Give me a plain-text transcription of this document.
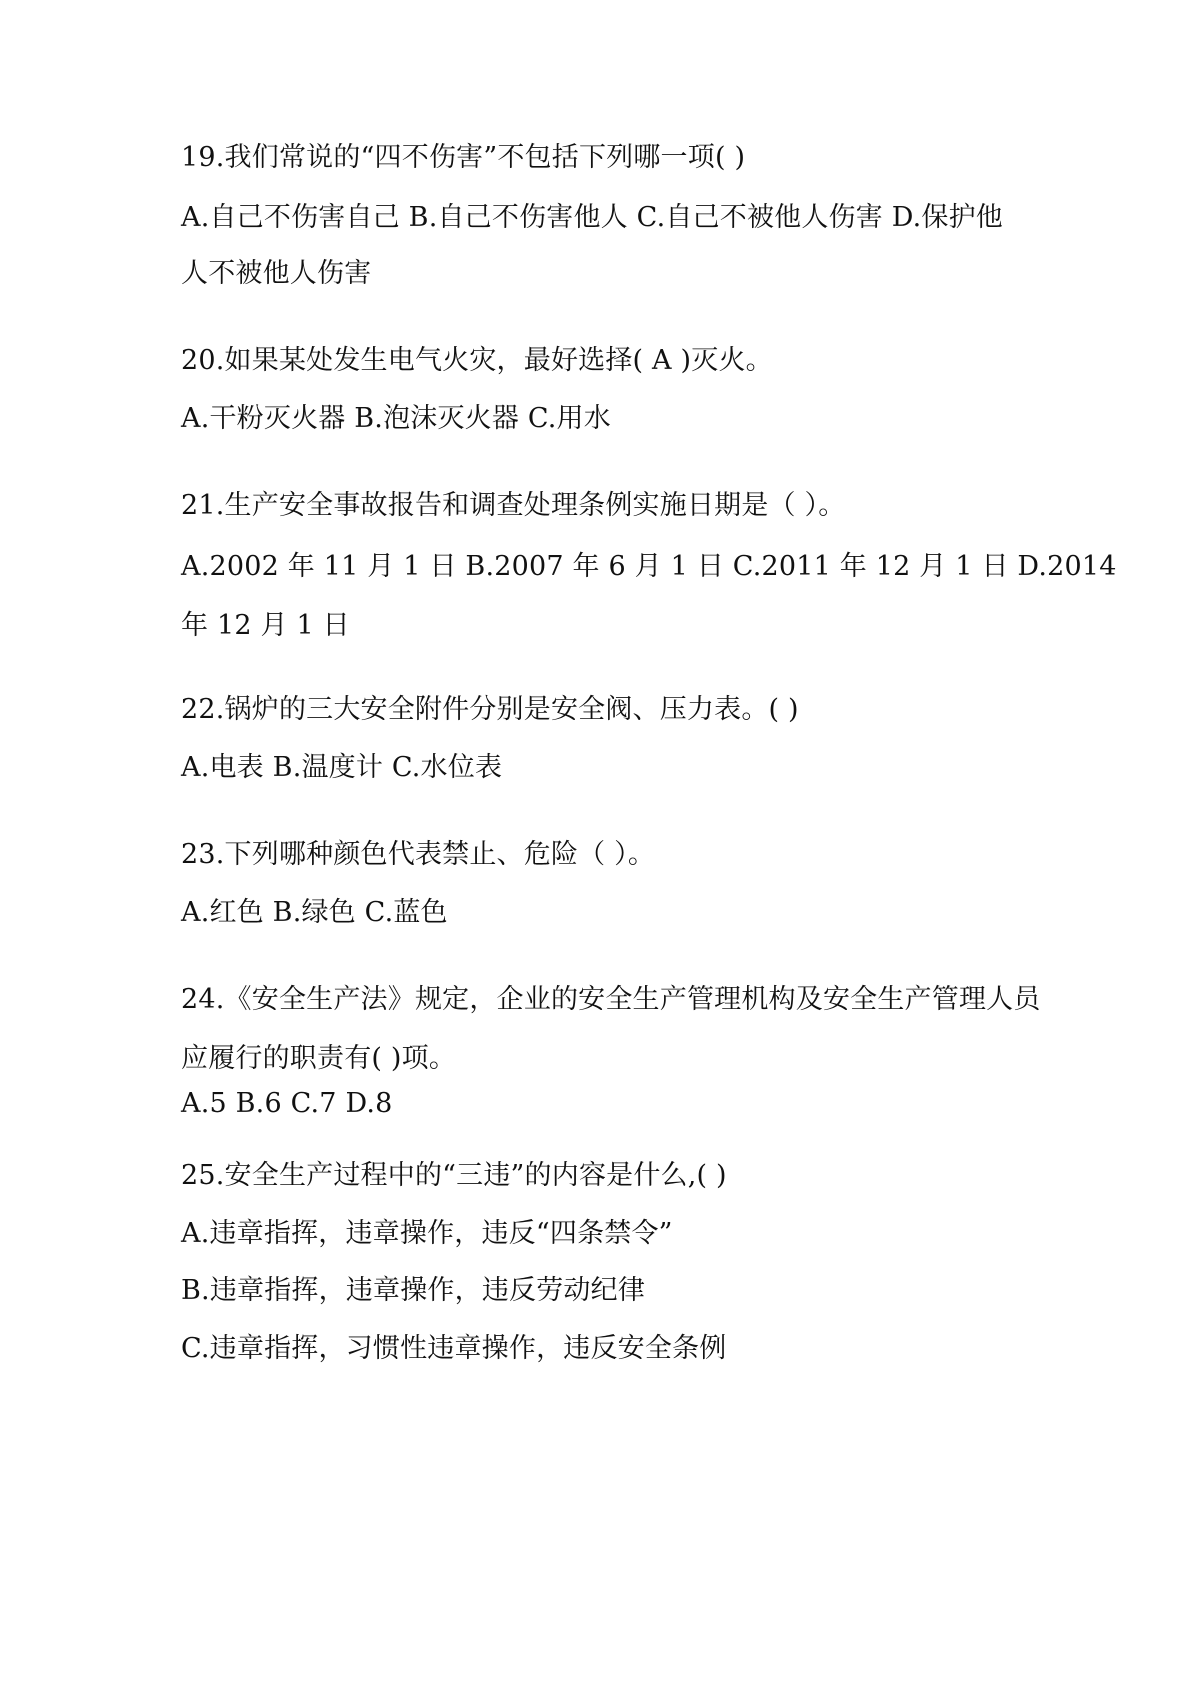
19.我们常说的“四不伤害”不包括下列哪一项( )
A.自己不伤害自己 B.自己不伤害他人 C.自己不被他人伤害 D.保护他
人不被他人伤害
20.如果某处发生电气火灾，最好选择( A )灭火。
A.干粉灭火器 B.泡沫灭火器 C.用水
21.生产安全事故报告和调查处理条例实施日期是（ ）。
A.2002 年 11 月 1 日 B.2007 年 6 月 1 日 C.2011 年 12 月 1 日 D.2014
年 12 月 1 日
22.锅炉的三大安全附件分别是安全阀、压力表。( )
A.电表 B.温度计 C.水位表
23.下列哪种颜色代表禁止、危险（ ）。
A.红色 B.绿色 C.蓝色
24.《安全生产法》规定，企业的安全生产管理机构及安全生产管理人员
应履行的职责有( )项。
A.5 B.6 C.7 D.8
25.安全生产过程中的“三违”的内容是什么,( )
A.违章指挥，违章操作，违反“四条禁令”
B.违章指挥，违章操作，违反劳动纪律
C.违章指挥，习惯性违章操作，违反安全条例
